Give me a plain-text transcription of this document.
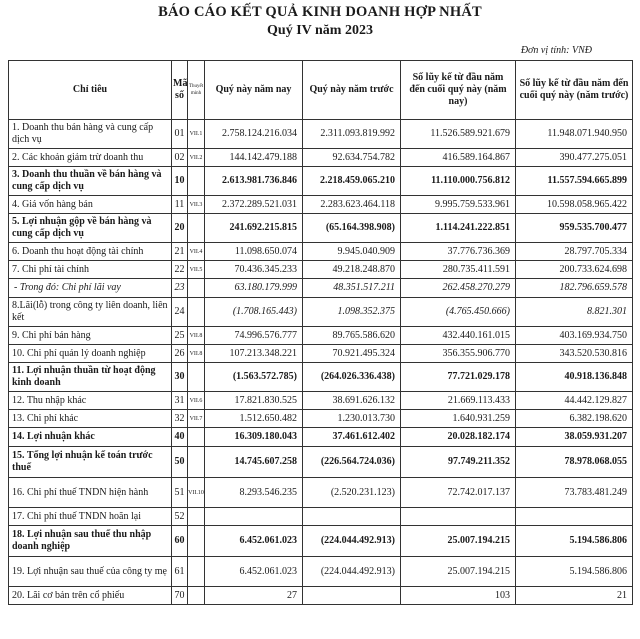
BÁO CÁO KẾT QUẢ KINH DOANH HỢP NHẤT
Quý IV năm 2023
Đơn vị tính: VNĐ
Chỉ tiêu	Mã số	Thuyết minh	Quý này năm nay	Quý này năm trước	Số lũy kế từ đầu năm đến cuối quý này (năm nay)	Số lũy kế từ đầu năm đến cuối quý này (năm trước)
1. Doanh thu bán hàng và cung cấp dịch vụ	01	VII.1	2.758.124.216.034	2.311.093.819.992	11.526.589.921.679	11.948.071.940.950
2. Các khoản giảm trừ doanh thu	02	VII.2	144.142.479.188	92.634.754.782	416.589.164.867	390.477.275.051
3. Doanh thu thuần về bán hàng và cung cấp dịch vụ	10		2.613.981.736.846	2.218.459.065.210	11.110.000.756.812	11.557.594.665.899
4. Giá vốn hàng bán	11	VII.3	2.372.289.521.031	2.283.623.464.118	9.995.759.533.961	10.598.058.965.422
5. Lợi nhuận gộp về bán hàng và cung cấp dịch vụ	20		241.692.215.815	(65.164.398.908)	1.114.241.222.851	959.535.700.477
6. Doanh thu hoạt động tài chính	21	VII.4	11.098.650.074	9.945.040.909	37.776.736.369	28.797.705.334
7. Chi phí tài chính	22	VII.5	70.436.345.233	49.218.248.870	280.735.411.591	200.733.624.698
- Trong đó: Chi phí lãi vay	23		63.180.179.999	48.351.517.211	262.458.270.279	182.796.659.578
8.Lãi(lỗ) trong công ty liên doanh, liên kết	24		(1.708.165.443)	1.098.352.375	(4.765.450.666)	8.821.301
9. Chi phí bán hàng	25	VII.8	74.996.576.777	89.765.586.620	432.440.161.015	403.169.934.750
10. Chi phí quản lý doanh nghiệp	26	VII.8	107.213.348.221	70.921.495.324	356.355.906.770	343.520.530.816
11. Lợi nhuận thuần từ hoạt động kinh doanh	30		(1.563.572.785)	(264.026.336.438)	77.721.029.178	40.918.136.848
12. Thu nhập khác	31	VII.6	17.821.830.525	38.691.626.132	21.669.113.433	44.442.129.827
13. Chi phí khác	32	VII.7	1.512.650.482	1.230.013.730	1.640.931.259	6.382.198.620
14. Lợi nhuận khác	40		16.309.180.043	37.461.612.402	20.028.182.174	38.059.931.207
15. Tổng lợi nhuận kế toán trước thuế	50		14.745.607.258	(226.564.724.036)	97.749.211.352	78.978.068.055
16. Chi phí thuế TNDN hiện hành	51	VII.10	8.293.546.235	(2.520.231.123)	72.742.017.137	73.783.481.249
17. Chi phí thuế TNDN hoãn lại	52					
18. Lợi nhuận sau thuế thu nhập doanh nghiệp	60		6.452.061.023	(224.044.492.913)	25.007.194.215	5.194.586.806
19. Lợi nhuận sau thuế của công ty mẹ	61		6.452.061.023	(224.044.492.913)	25.007.194.215	5.194.586.806
20. Lãi cơ bản trên cổ phiếu	70		27		103	21
